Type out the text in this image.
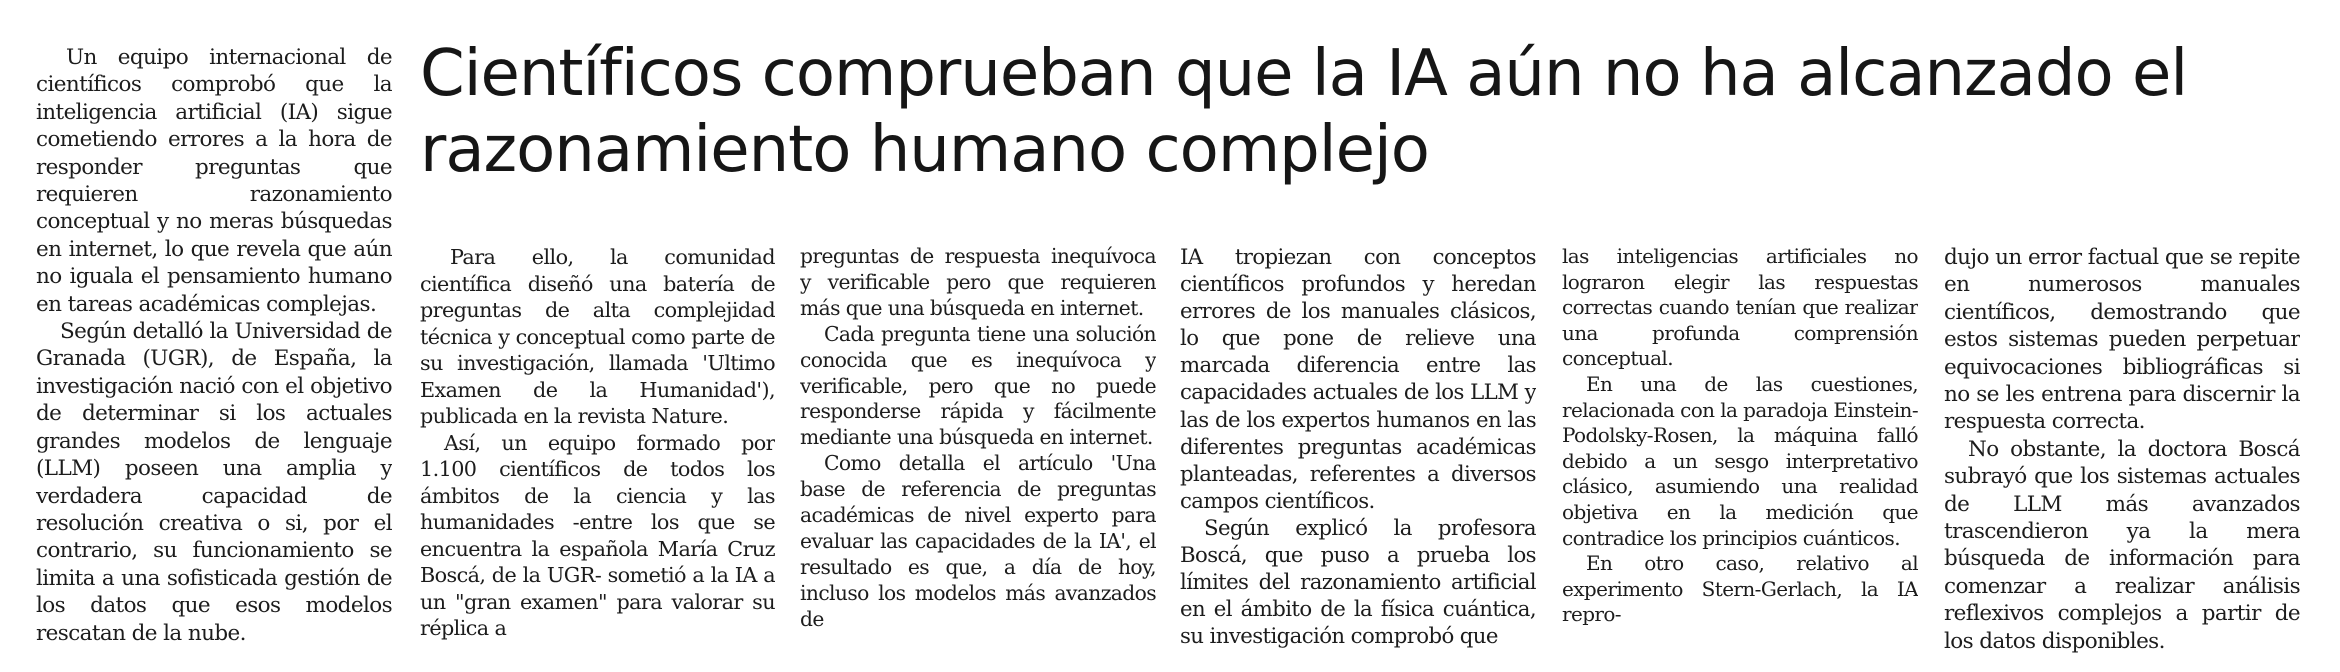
Científicos comprueban que la IA aún no ha alcanzado el razonamiento humano complejo

Un equipo internacional de científicos comprobó que la inteligencia artificial (IA) sigue cometiendo errores a la hora de responder preguntas que requieren razonamiento conceptual y no meras búsquedas en internet, lo que revela que aún no iguala el pensamiento humano en tareas académicas complejas.

Según detalló la Universidad de Granada (UGR), de España, la investigación nació con el objetivo de determinar si los actuales grandes modelos de lenguaje (LLM) poseen una amplia y verdadera capacidad de resolución creativa o si, por el contrario, su funcionamiento se limita a una sofisticada gestión de los datos que esos modelos rescatan de la nube.

Para ello, la comunidad científica diseñó una batería de preguntas de alta complejidad técnica y conceptual como parte de su investigación, llamada 'Ultimo Examen de la Humanidad'), publicada en la revista Nature.

Así, un equipo formado por 1.100 científicos de todos los ámbitos de la ciencia y las humanidades -entre los que se encuentra la española María Cruz Boscá, de la UGR- sometió a la IA a un "gran examen" para valorar su réplica a

preguntas de respuesta inequívoca y verificable pero que requieren más que una búsqueda en internet.

Cada pregunta tiene una solución conocida que es inequívoca y verificable, pero que no puede responderse rápida y fácilmente mediante una búsqueda en internet.

Como detalla el artículo 'Una base de referencia de preguntas académicas de nivel experto para evaluar las capacidades de la IA', el resultado es que, a día de hoy, incluso los modelos más avanzados de

IA tropiezan con conceptos científicos profundos y heredan errores de los manuales clásicos, lo que pone de relieve una marcada diferencia entre las capacidades actuales de los LLM y las de los expertos humanos en las diferentes preguntas académicas planteadas, referentes a diversos campos científicos.

Según explicó la profesora Boscá, que puso a prueba los límites del razonamiento artificial en el ámbito de la física cuántica, su investigación comprobó que

las inteligencias artificiales no lograron elegir las respuestas correctas cuando tenían que realizar una profunda comprensión conceptual.

En una de las cuestiones, relacionada con la paradoja Einstein-Podolsky-Rosen, la máquina falló debido a un sesgo interpretativo clásico, asumiendo una realidad objetiva en la medición que contradice los principios cuánticos.

En otro caso, relativo al experimento Stern-Gerlach, la IA repro-

dujo un error factual que se repite en numerosos manuales científicos, demostrando que estos sistemas pueden perpetuar equivocaciones bibliográficas si no se les entrena para discernir la respuesta correcta.

No obstante, la doctora Boscá subrayó que los sistemas actuales de LLM más avanzados trascendieron ya la mera búsqueda de información para comenzar a realizar análisis reflexivos complejos a partir de los datos disponibles.
